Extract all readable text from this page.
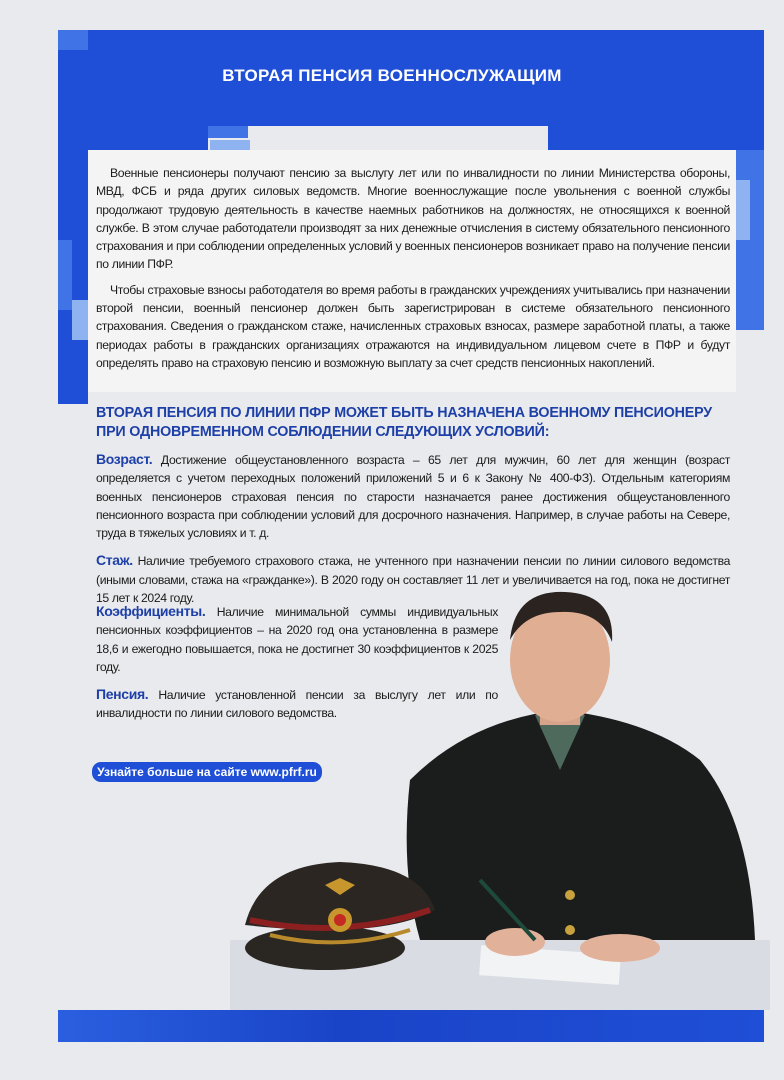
ВТОРАЯ ПЕНСИЯ ВОЕННОСЛУЖАЩИМ

Военные пенсионеры получают пенсию за выслугу лет или по инвалидности по линии Министерства обороны, МВД, ФСБ и ряда других силовых ведомств. Многие военнослужащие после увольнения с военной службы продолжают трудовую деятельность в качестве наемных работников на должностях, не относящихся к военной службе. В этом случае работодатели производят за них денежные отчисления в систему обязательного пенсионного страхования и при соблюдении определенных условий у военных пенсионеров возникает право на получение пенсии по линии ПФР.

Чтобы страховые взносы работодателя во время работы в гражданских учреждениях учитывались при назначении второй пенсии, военный пенсионер должен быть зарегистрирован в системе обязательного пенсионного страхования. Сведения о гражданском стаже, начисленных страховых взносах, размере заработной платы, а также периодах работы в гражданских организациях отражаются на индивидуальном лицевом счете в ПФР и будут определять право на страховую пенсию и возможную выплату за счет средств пенсионных накоплений.

ВТОРАЯ ПЕНСИЯ ПО ЛИНИИ ПФР МОЖЕТ БЫТЬ НАЗНАЧЕНА ВОЕННОМУ ПЕНСИОНЕРУ ПРИ ОДНОВРЕМЕННОМ СОБЛЮДЕНИИ СЛЕДУЮЩИХ УСЛОВИЙ:
Возраст. Достижение общеустановленного возраста – 65 лет для мужчин, 60 лет для женщин (возраст определяется с учетом переходных положений приложений 5 и 6 к Закону № 400-ФЗ). Отдельным категориям военных пенсионеров страховая пенсия по старости назначается ранее достижения общеустановленного пенсионного возраста при соблюдении условий для досрочного назначения. Например, в случае работы на Севере, труда в тяжелых условиях и т. д.
Стаж. Наличие требуемого страхового стажа, не учтенного при назначении пенсии по линии силового ведомства (иными словами, стажа на «гражданке»). В 2020 году он составляет 11 лет и увеличивается на год, пока не достигнет 15 лет к 2024 году.
Коэффициенты. Наличие минимальной суммы индивидуальных пенсионных коэффициентов – на 2020 год она установленна в размере 18,6 и ежегодно повышается, пока не достигнет 30 коэффициентов к 2025 году.
Пенсия. Наличие установленной пенсии за выслугу лет или по инвалидности по линии силового ведомства.
Узнайте больше на сайте www.pfrf.ru
